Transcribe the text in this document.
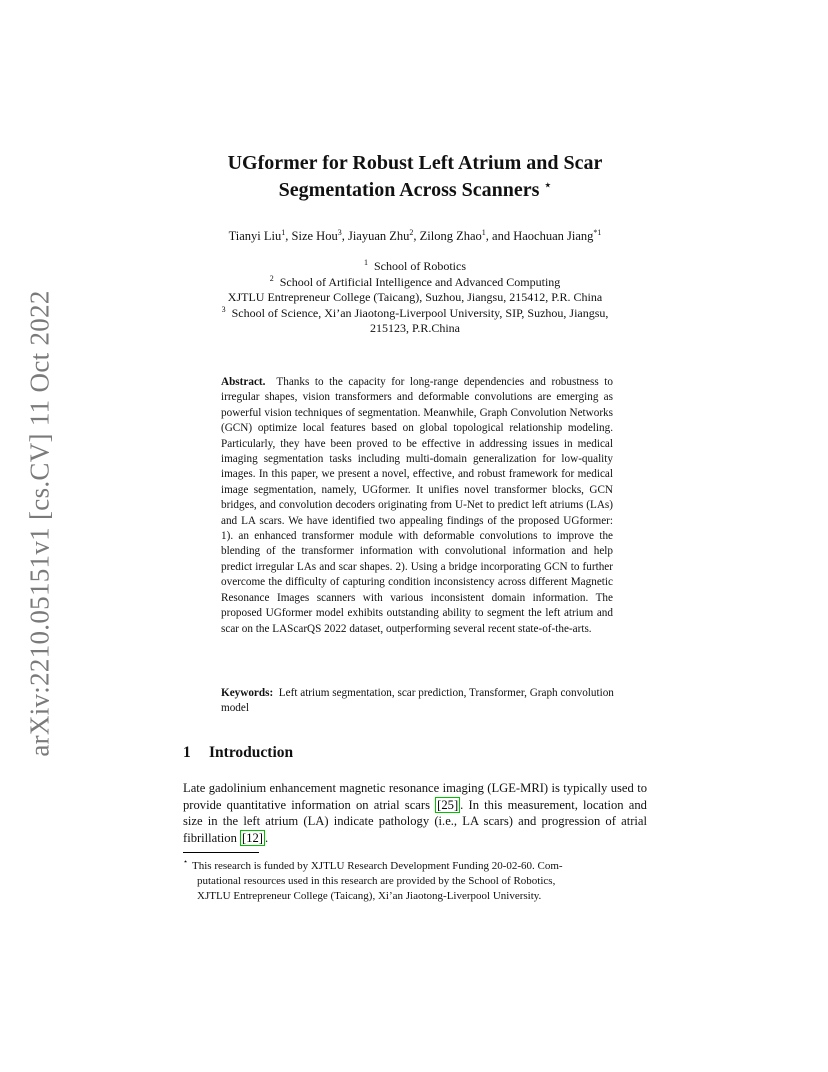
arXiv:2210.05151v1 [cs.CV] 11 Oct 2022
UGformer for Robust Left Atrium and Scar
Segmentation Across Scanners ⋆
Tianyi Liu$^1$, Size Hou$^3$, Jiayuan Zhu$^2$, Zilong Zhao$^1$, and Haochuan Jiang$^{*1}$
$^1$ School of Robotics
$^2$ School of Artificial Intelligence and Advanced Computing
XJTLU Entrepreneur College (Taicang), Suzhou, Jiangsu, 215412, P.R. China
$^3$ School of Science, Xi’an Jiaotong-Liverpool University, SIP, Suzhou, Jiangsu,
215123, P.R.China
Abstract. Thanks to the capacity for long-range dependencies and robustness to irregular shapes, vision transformers and deformable convolutions are emerging as powerful vision techniques of segmentation. Meanwhile, Graph Convolution Networks (GCN) optimize local features based on global topological relationship modeling. Particularly, they have been proved to be effective in addressing issues in medical imaging segmentation tasks including multi-domain generalization for low-quality images. In this paper, we present a novel, effective, and robust framework for medical image segmentation, namely, UGformer. It unifies novel transformer blocks, GCN bridges, and convolution decoders originating from U-Net to predict left atriums (LAs) and LA scars. We have identified two appealing findings of the proposed UGformer: 1). an enhanced transformer module with deformable convolutions to improve the blending of the transformer information with convolutional information and help predict irregular LAs and scar shapes. 2). Using a bridge incorporating GCN to further overcome the difficulty of capturing condition inconsistency across different Magnetic Resonance Images scanners with various inconsistent domain information. The proposed UGformer model exhibits outstanding ability to segment the left atrium and scar on the LAScarQS 2022 dataset, outperforming several recent state-of-the-arts.
Keywords: Left atrium segmentation, scar prediction, Transformer, Graph convolution model
1 Introduction
Late gadolinium enhancement magnetic resonance imaging (LGE-MRI) is typically used to provide quantitative information on atrial scars [25] . In this measurement, location and size in the left atrium (LA) indicate pathology (i.e., LA scars) and progression of atrial fibrillation [12] .
⋆ This research is funded by XJTLU Research Development Funding 20-02-60. Com-
putational resources used in this research are provided by the School of Robotics,
XJTLU Entrepreneur College (Taicang), Xi’an Jiaotong-Liverpool University.
